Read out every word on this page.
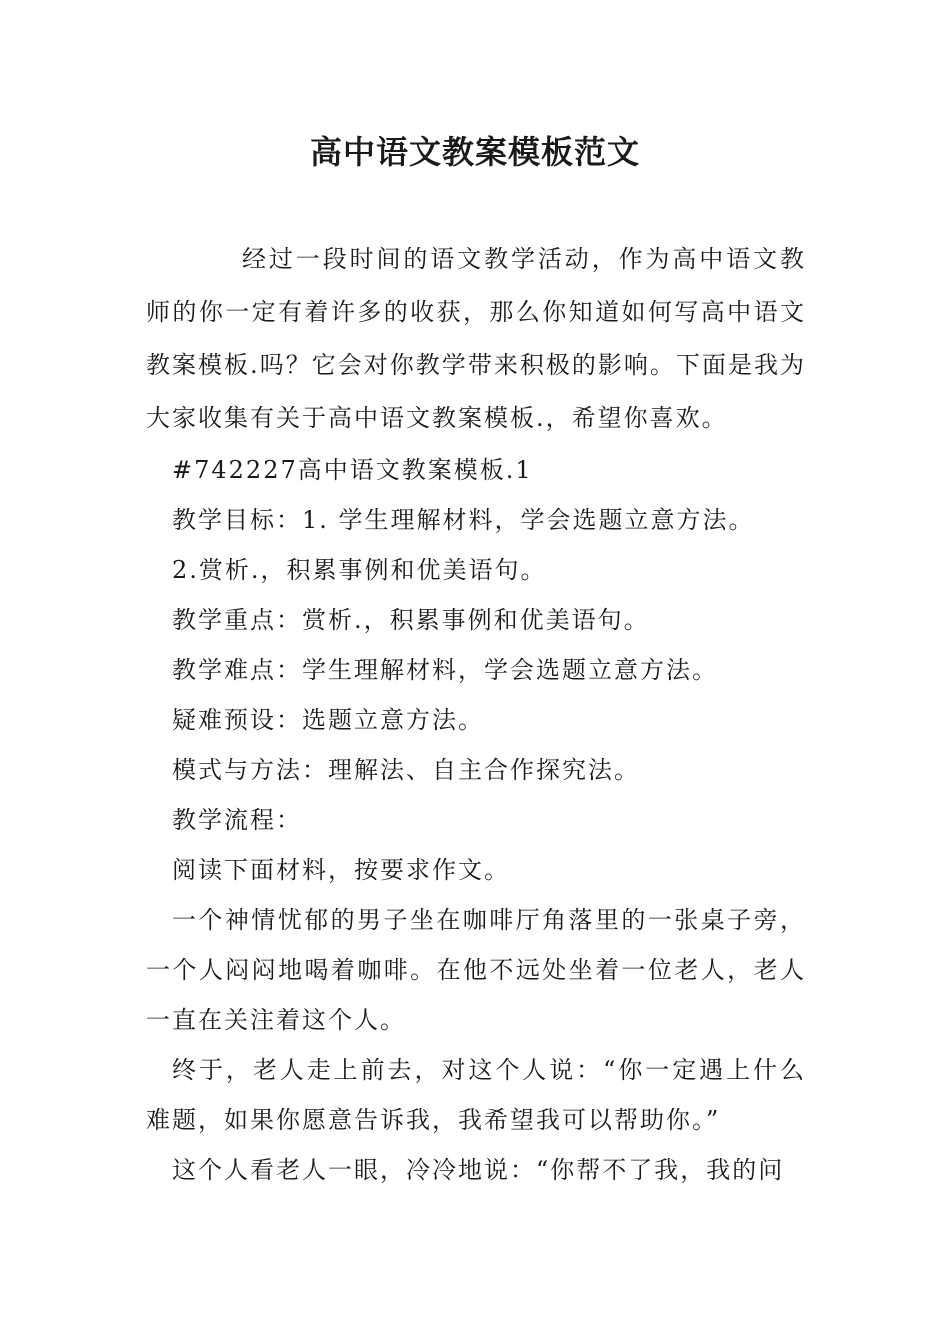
高中语文教案模板范文

经过一段时间的语文教学活动，作为高中语文教师的你一定有着许多的收获，那么你知道如何写高中语文教案模板.吗？它会对你教学带来积极的影响。下面是我为大家收集有关于高中语文教案模板.，希望你喜欢。

#742227高中语文教案模板.1

教学目标：1. 学生理解材料，学会选题立意方法。

2.赏析.，积累事例和优美语句。

教学重点：赏析.，积累事例和优美语句。

教学难点：学生理解材料，学会选题立意方法。

疑难预设：选题立意方法。

模式与方法：理解法、自主合作探究法。

教学流程：

阅读下面材料，按要求作文。

一个神情忧郁的男子坐在咖啡厅角落里的一张桌子旁，一个人闷闷地喝着咖啡。在他不远处坐着一位老人，老人一直在关注着这个人。

终于，老人走上前去，对这个人说：“你一定遇上什么难题，如果你愿意告诉我，我希望我可以帮助你。”

这个人看老人一眼，冷冷地说：“你帮不了我，我的问
